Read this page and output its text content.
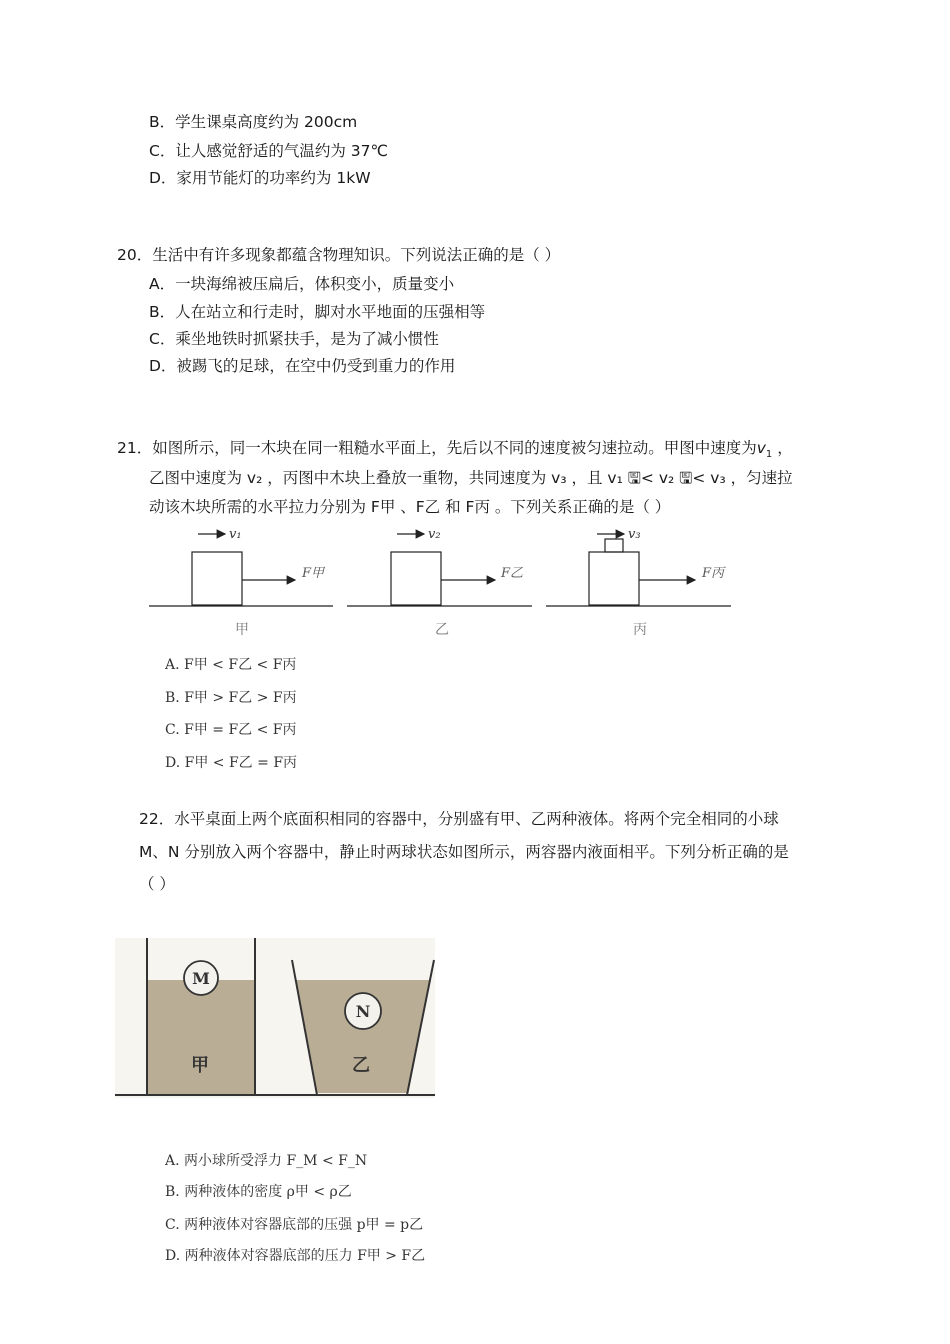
B．学生课桌高度约为 200cm
C．让人感觉舒适的气温约为 37℃
D．家用节能灯的功率约为 1kW
20．生活中有许多现象都蕴含物理知识。下列说法正确的是（ ）
A．一块海绵被压扁后，体积变小，质量变小
B．人在站立和行走时，脚对水平地面的压强相等
C．乘坐地铁时抓紧扶手，是为了减小惯性
D．被踢飞的足球，在空中仍受到重力的作用
21．如图所示，同一木块在同一粗糙水平面上，先后以不同的速度被匀速拉动。甲图中速度为$v_1$ ，
乙图中速度为 v₂ ，丙图中木块上叠放一重物，共同速度为 v₃ ，且 v₁ 🖫< v₂ 🖫< v₃ ，匀速拉
动该木块所需的水平拉力分别为 F甲 、F乙 和 F丙 。下列关系正确的是（ ）
v₁
F甲
甲
v₂
F乙
乙
v₃
F丙
丙
A. F甲 < F乙 < F丙
B. F甲 > F乙 > F丙
C. F甲 = F乙 < F丙
D. F甲 < F乙 = F丙
22．水平桌面上两个底面积相同的容器中，分别盛有甲、乙两种液体。将两个完全相同的小球
M、N 分别放入两个容器中，静止时两球状态如图所示，两容器内液面相平。下列分析正确的是
（ ）
M
甲
N
乙
A. 两小球所受浮力 F_M < F_N
B. 两种液体的密度 ρ甲 < ρ乙
C. 两种液体对容器底部的压强 p甲 = p乙
D. 两种液体对容器底部的压力 F甲 > F乙
